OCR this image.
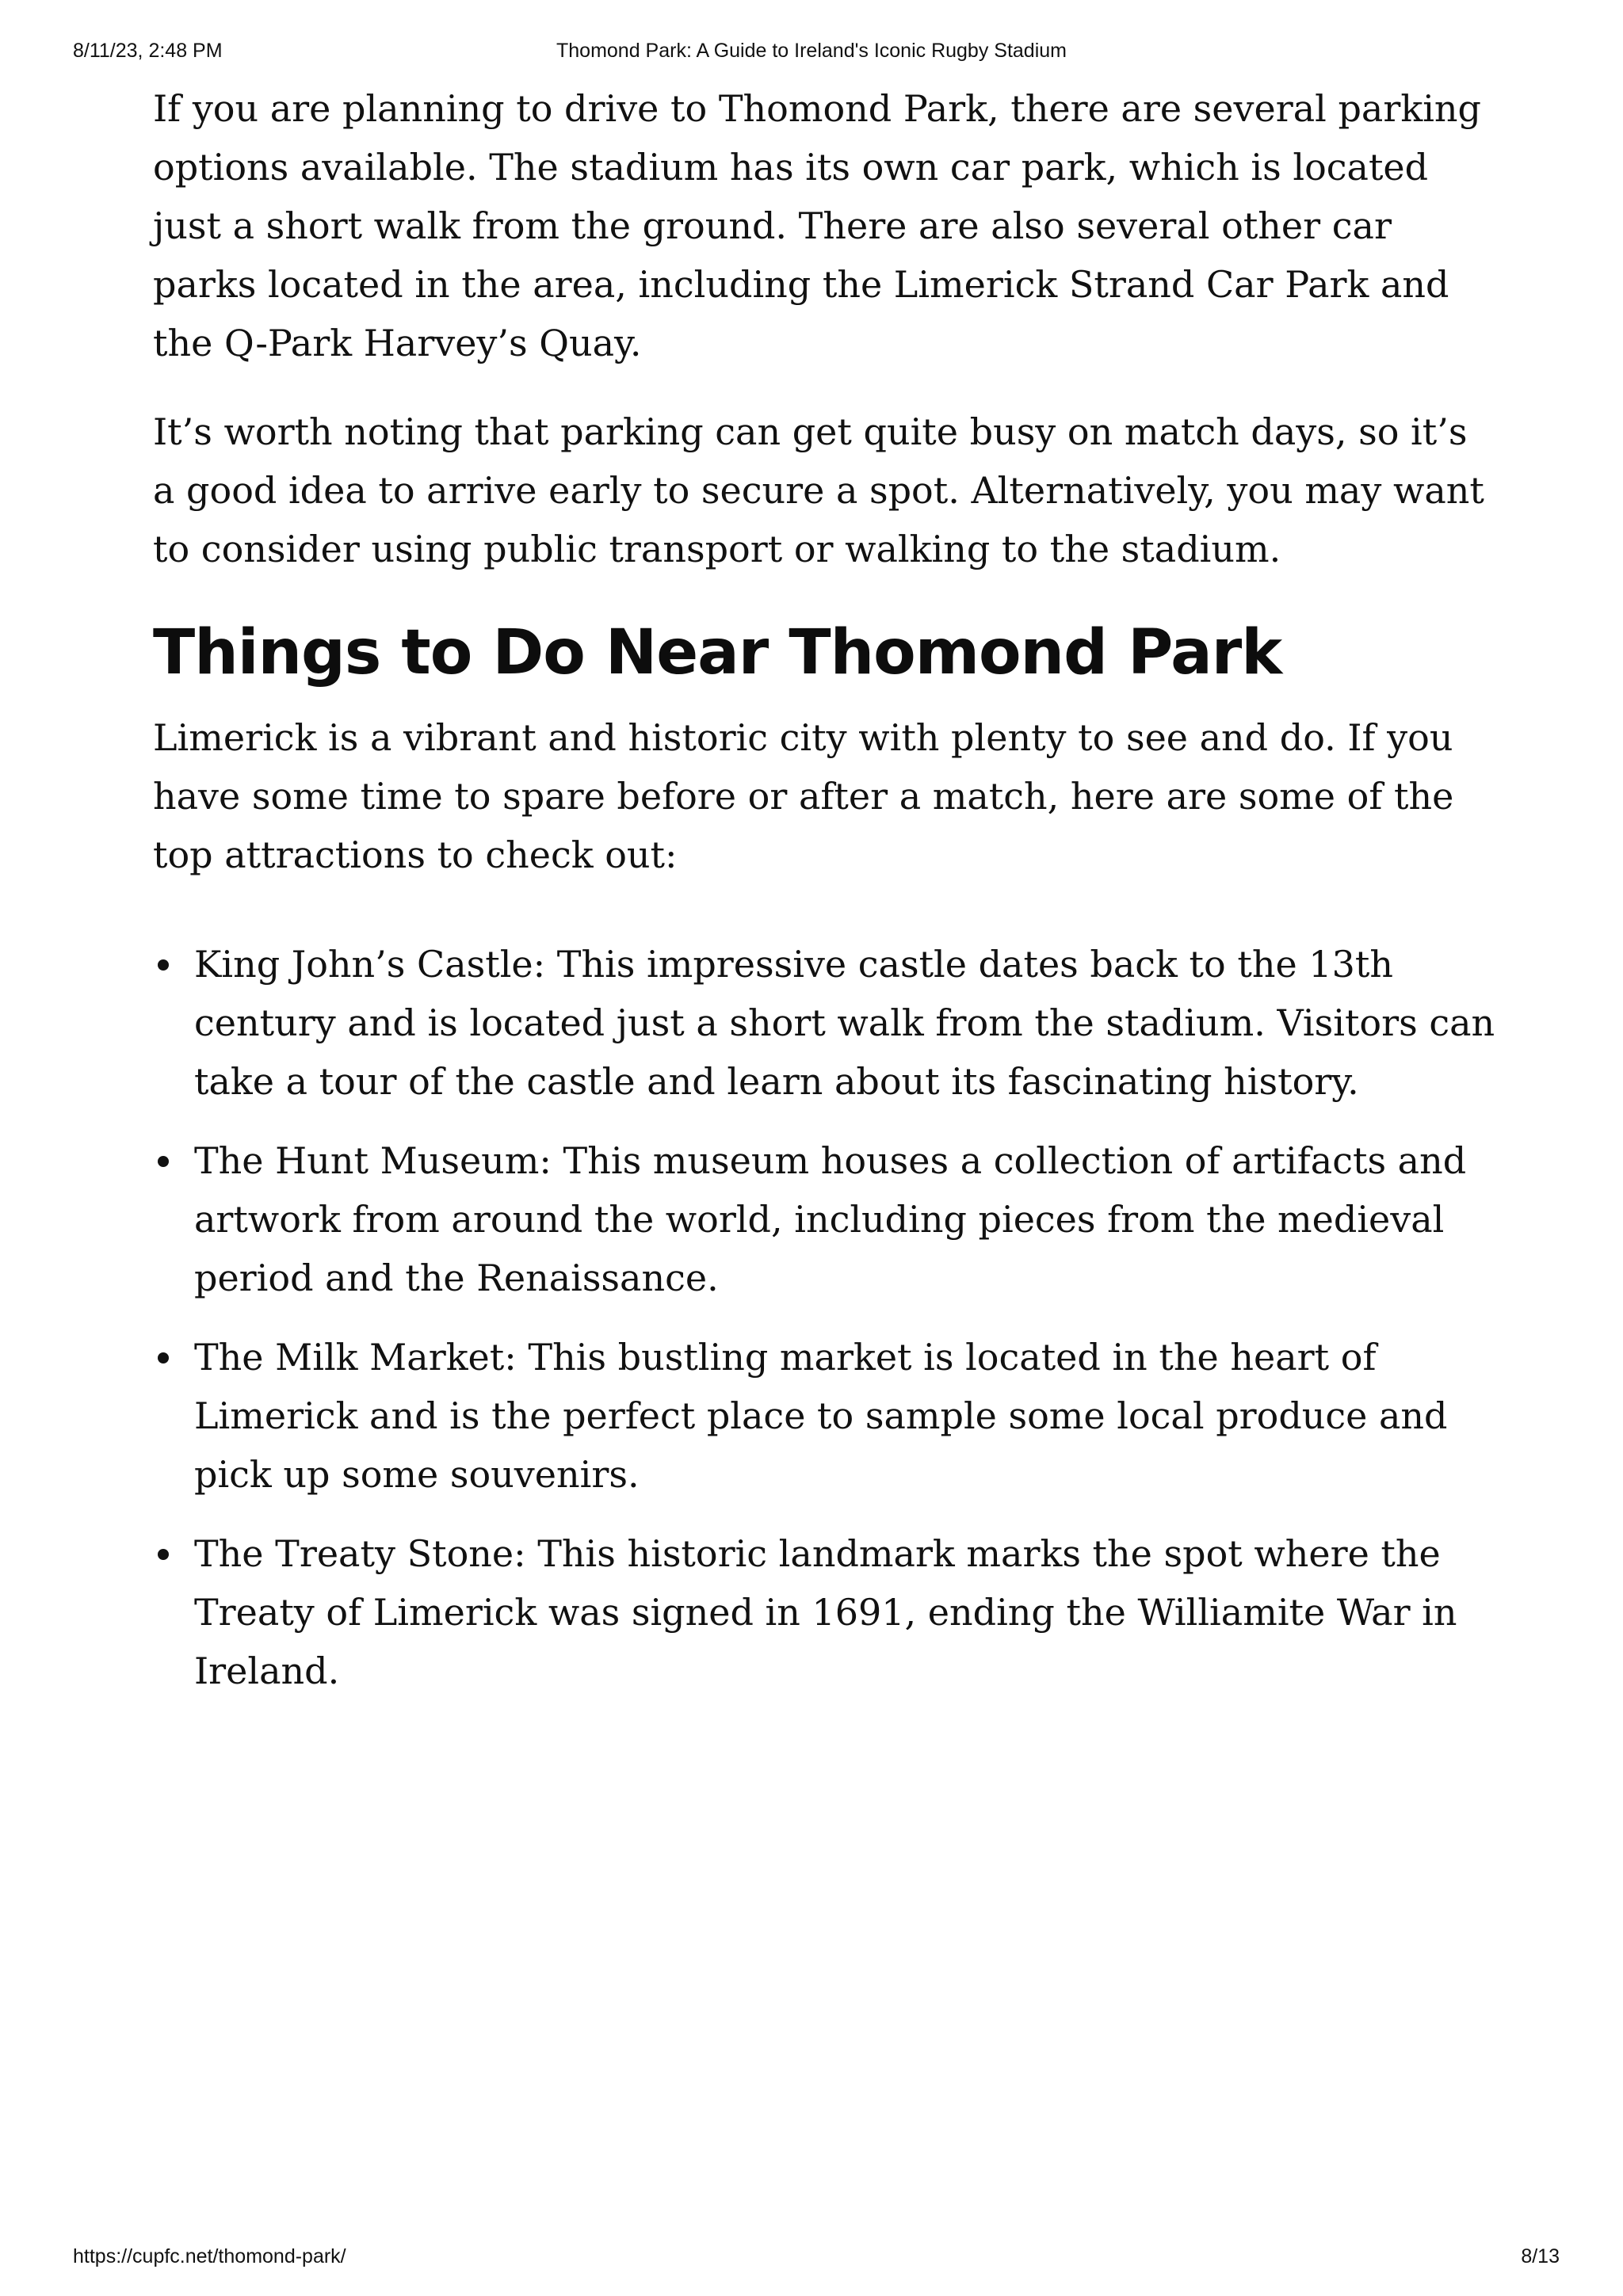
8/11/23, 2:48 PM	Thomond Park: A Guide to Ireland's Iconic Rugby Stadium

If you are planning to drive to Thomond Park, there are several parking options available. The stadium has its own car park, which is located just a short walk from the ground. There are also several other car parks located in the area, including the Limerick Strand Car Park and the Q-Park Harvey’s Quay.

It’s worth noting that parking can get quite busy on match days, so it’s a good idea to arrive early to secure a spot. Alternatively, you may want to consider using public transport or walking to the stadium.

Things to Do Near Thomond Park

Limerick is a vibrant and historic city with plenty to see and do. If you have some time to spare before or after a match, here are some of the top attractions to check out:

King John’s Castle: This impressive castle dates back to the 13th century and is located just a short walk from the stadium. Visitors can take a tour of the castle and learn about its fascinating history.
The Hunt Museum: This museum houses a collection of artifacts and artwork from around the world, including pieces from the medieval period and the Renaissance.
The Milk Market: This bustling market is located in the heart of Limerick and is the perfect place to sample some local produce and pick up some souvenirs.
The Treaty Stone: This historic landmark marks the spot where the Treaty of Limerick was signed in 1691, ending the Williamite War in Ireland.
https://cupfc.net/thomond-park/	8/13
